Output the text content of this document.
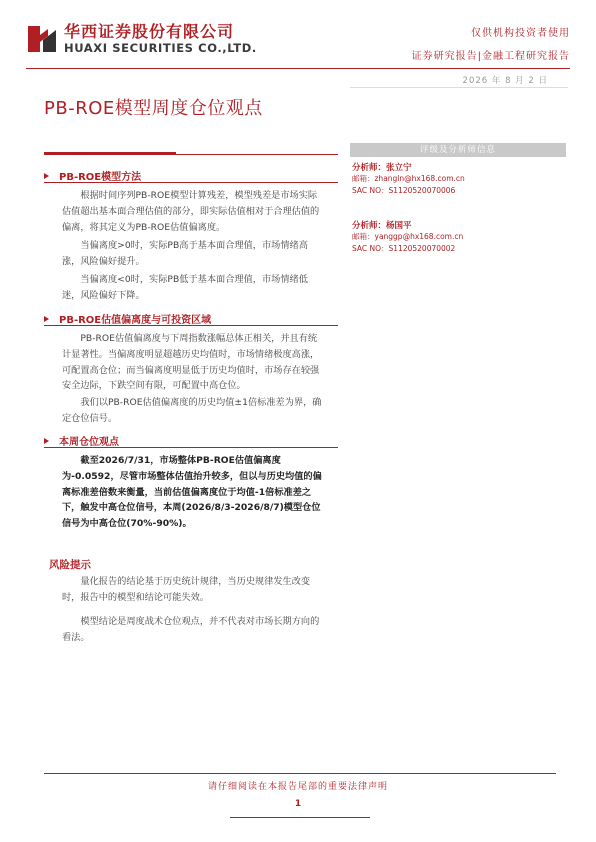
华西证券股份有限公司
HUAXI SECURITIES CO.,LTD.
仅供机构投资者使用
证券研究报告|金融工程研究报告
2026 年 8 月 2 日
PB-ROE模型周度仓位观点
评级及分析师信息
分析师：张立宁
邮箱：zhangln@hx168.com.cn
SAC NO：S1120520070006
分析师：杨国平
邮箱：yanggp@hx168.com.cn
SAC NO：S1120520070002
PB-ROE模型方法

根据时间序列PB-ROE模型计算残差，模型残差是市场实际估值超出基本面合理估值的部分，即实际估值相对于合理估值的偏离，将其定义为PB-ROE估值偏离度。

当偏离度>0时，实际PB高于基本面合理值，市场情绪高涨，风险偏好提升。

当偏离度<0时，实际PB低于基本面合理值，市场情绪低迷，风险偏好下降。

PB-ROE估值偏离度与可投资区域

PB-ROE估值偏离度与下周指数涨幅总体正相关，并且有统计显著性。当偏离度明显超越历史均值时，市场情绪极度高涨，可配置高仓位；而当偏离度明显低于历史均值时，市场存在较强安全边际，下跌空间有限，可配置中高仓位。

我们以PB-ROE估值偏离度的历史均值±1倍标准差为界，确定仓位信号。

本周仓位观点

截至2026/7/31，市场整体PB-ROE估值偏离度为-0.0592，尽管市场整体估值抬升较多，但以与历史均值的偏离标准差倍数来衡量，当前估值偏离度位于均值-1倍标准差之下，触发中高仓位信号，本周(2026/8/3-2026/8/7)模型仓位信号为中高仓位(70%-90%)。

风险提示

量化报告的结论基于历史统计规律，当历史规律发生改变时，报告中的模型和结论可能失效。

模型结论是周度战术仓位观点，并不代表对市场长期方向的看法。

请仔细阅读在本报告尾部的重要法律声明
1
